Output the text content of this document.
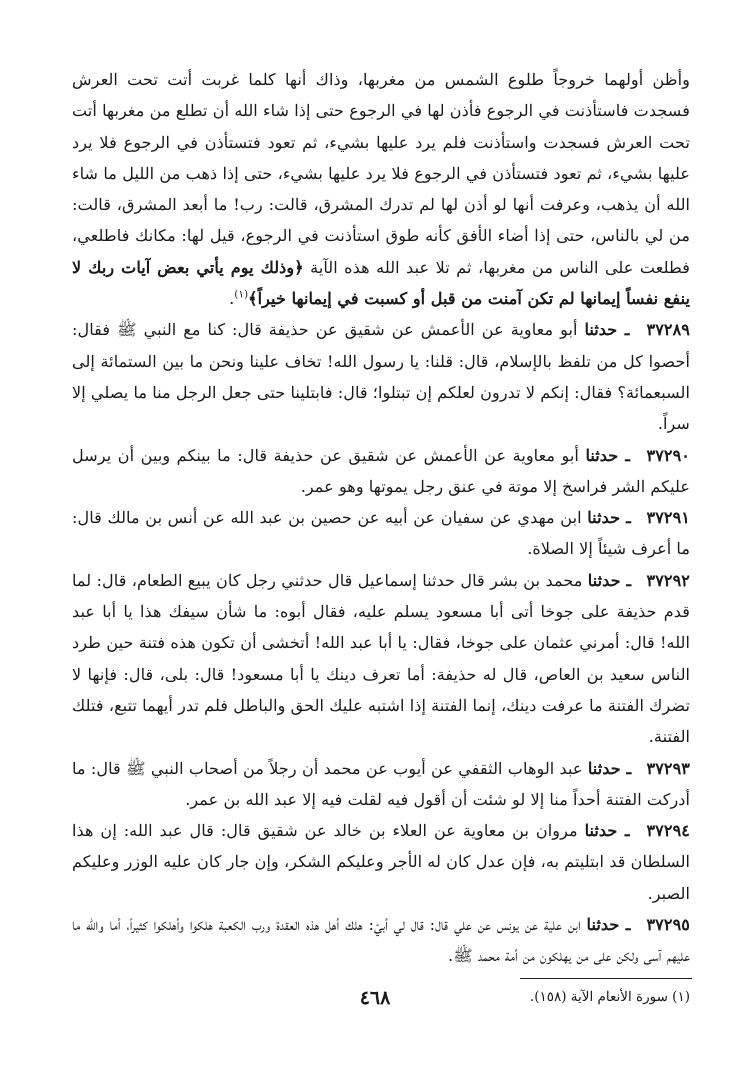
وأظن أولهما خروجاً طلوع الشمس من مغربها، وذاك أنها كلما غربت أتت تحت العرش فسجدت فاستأذنت في الرجوع فأذن لها في الرجوع حتى إذا شاء الله أن تطلع من مغربها أتت تحت العرش فسجدت واستأذنت فلم يرد عليها بشيء، ثم تعود فتستأذن في الرجوع فلا يرد عليها بشيء، ثم تعود فتستأذن في الرجوع فلا يرد عليها بشيء، حتى إذا ذهب من الليل ما شاء الله أن يذهب، وعرفت أنها لو أذن لها لم تدرك المشرق، قالت: رب! ما أبعد المشرق، قالت: من لي بالناس، حتى إذا أضاء الأفق كأنه طوق استأذنت في الرجوع، قيل لها: مكانك فاطلعي، فطلعت على الناس من مغربها، ثم تلا عبد الله هذه الآية ﴿وذلك يوم يأتي بعض آيات ربك لا ينفع نفساً إيمانها لم تكن آمنت من قبل أو كسبت في إيمانها خيراً﴾$^{(١)}$.

٣٧٢٨٩ ـ حدثنا أبو معاوية عن الأعمش عن شقيق عن حذيفة قال: كنا مع النبي ﷺ فقال: أحصوا كل من تلفظ بالإسلام، قال: قلنا: يا رسول الله! تخاف علينا ونحن ما بين الستمائة إلى السبعمائة؟ فقال: إنكم لا تدرون لعلكم إن تبتلوا؛ قال: فابتلينا حتى جعل الرجل منا ما يصلي إلا سراً.

٣٧٢٩٠ ـ حدثنا أبو معاوية عن الأعمش عن شقيق عن حذيفة قال: ما بينكم وبين أن يرسل عليكم الشر فراسخ إلا موتة في عنق رجل يموتها وهو عمر.

٣٧٢٩١ ـ حدثنا ابن مهدي عن سفيان عن أبيه عن حصين بن عبد الله عن أنس بن مالك قال: ما أعرف شيئاً إلا الصلاة.

٣٧٢٩٢ ـ حدثنا محمد بن بشر قال حدثنا إسماعيل قال حدثني رجل كان يبيع الطعام، قال: لما قدم حذيفة على جوخا أتى أبا مسعود يسلم عليه، فقال أبوه: ما شأن سيفك هذا يا أبا عبد الله! قال: أمرني عثمان على جوخا، فقال: يا أبا عبد الله! أتخشى أن تكون هذه فتنة حين طرد الناس سعيد بن العاص، قال له حذيفة: أما تعرف دينك يا أبا مسعود! قال: بلى، قال: فإنها لا تضرك الفتنة ما عرفت دينك، إنما الفتنة إذا اشتبه عليك الحق والباطل فلم تدر أيهما تتبع، فتلك الفتنة.

٣٧٢٩٣ ـ حدثنا عبد الوهاب الثقفي عن أيوب عن محمد أن رجلاً من أصحاب النبي ﷺ قال: ما أدركت الفتنة أحداً منا إلا لو شئت أن أقول فيه لقلت فيه إلا عبد الله بن عمر.

٣٧٢٩٤ ـ حدثنا مروان بن معاوية عن العلاء بن خالد عن شقيق قال: قال عبد الله: إن هذا السلطان قد ابتليتم به، فإن عدل كان له الأجر وعليكم الشكر، وإن جار كان عليه الوزر وعليكم الصبر.

٣٧٢٩٥ ـ حدثنا ابن علية عن يونس عن علي قال: قال لي أبيّ: هلك أهل هذه العقدة ورب الكعبة هلكوا وأهلكوا كثيراً، أما والله ما عليهم آسى ولكن على من يهلكون من أمة محمد ﷺ.

٤٦٨	(١) سورة الأنعام الآية (١٥٨).
